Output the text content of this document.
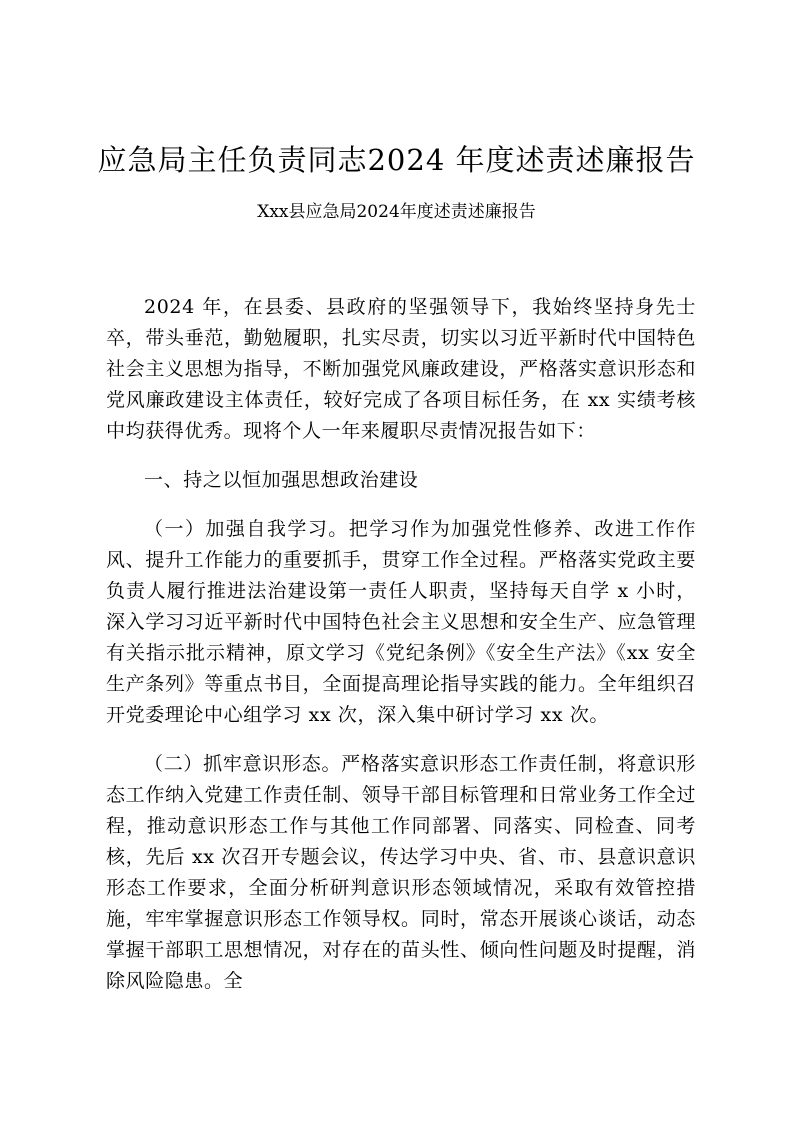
应急局主任负责同志2024 年度述责述廉报告
Xxx县应急局2024年度述责述廉报告

2024 年，在县委、县政府的坚强领导下，我始终坚持身先士卒，带头垂范，勤勉履职，扎实尽责，切实以习近平新时代中国特色社会主义思想为指导，不断加强党风廉政建设，严格落实意识形态和党风廉政建设主体责任，较好完成了各项目标任务，在 xx 实绩考核中均获得优秀。现将个人一年来履职尽责情况报告如下：

一、持之以恒加强思想政治建设

（一）加强自我学习。把学习作为加强党性修养、改进工作作风、提升工作能力的重要抓手，贯穿工作全过程。严格落实党政主要负责人履行推进法治建设第一责任人职责，坚持每天自学 x 小时，深入学习习近平新时代中国特色社会主义思想和安全生产、应急管理有关指示批示精神，原文学习《党纪条例》《安全生产法》《xx 安全生产条列》等重点书目，全面提高理论指导实践的能力。全年组织召开党委理论中心组学习 xx 次，深入集中研讨学习 xx 次。

（二）抓牢意识形态。严格落实意识形态工作责任制，将意识形态工作纳入党建工作责任制、领导干部目标管理和日常业务工作全过程，推动意识形态工作与其他工作同部署、同落实、同检查、同考核，先后 xx 次召开专题会议，传达学习中央、省、市、县意识意识形态工作要求，全面分析研判意识形态领域情况，采取有效管控措施，牢牢掌握意识形态工作领导权。同时，常态开展谈心谈话，动态掌握干部职工思想情况，对存在的苗头性、倾向性问题及时提醒，消除风险隐患。全
